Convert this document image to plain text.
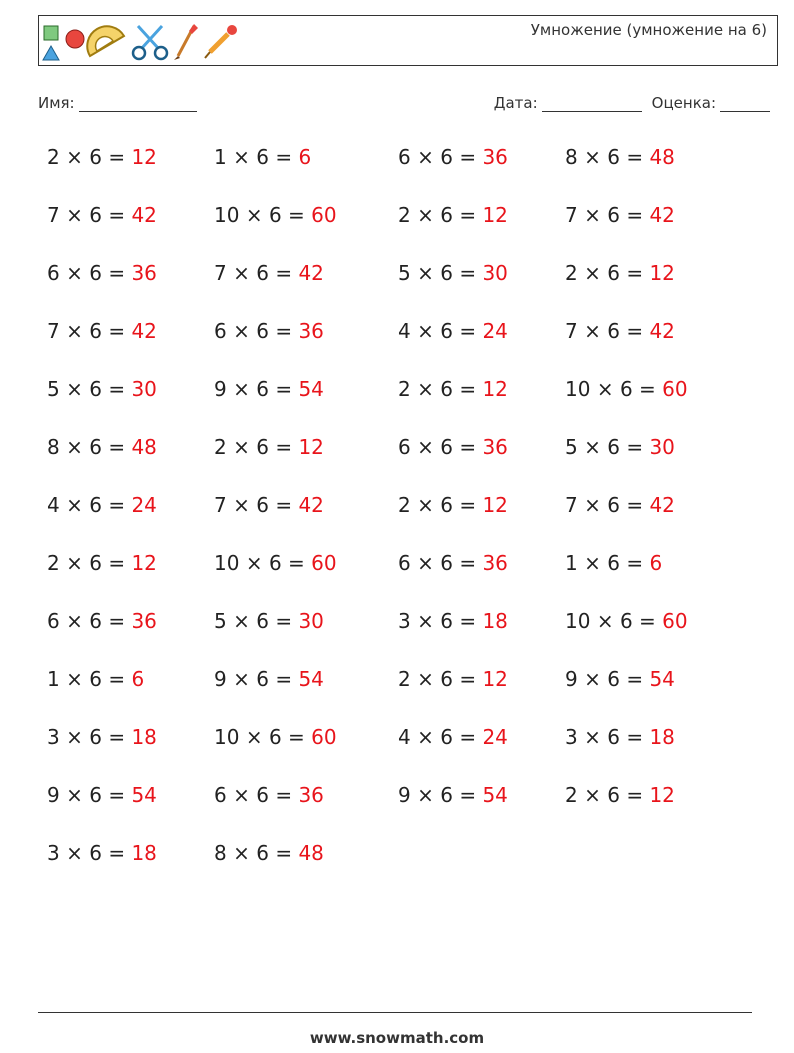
Умножение (умножение на 6)
Имя:	Дата:	Оценка:
2 × 6 = 12
7 × 6 = 42
6 × 6 = 36
7 × 6 = 42
5 × 6 = 30
8 × 6 = 48
4 × 6 = 24
2 × 6 = 12
6 × 6 = 36
1 × 6 = 6
3 × 6 = 18
9 × 6 = 54
3 × 6 = 18
1 × 6 = 6
10 × 6 = 60
7 × 6 = 42
6 × 6 = 36
9 × 6 = 54
2 × 6 = 12
7 × 6 = 42
10 × 6 = 60
5 × 6 = 30
9 × 6 = 54
10 × 6 = 60
6 × 6 = 36
8 × 6 = 48
6 × 6 = 36
2 × 6 = 12
5 × 6 = 30
4 × 6 = 24
2 × 6 = 12
6 × 6 = 36
2 × 6 = 12
6 × 6 = 36
3 × 6 = 18
2 × 6 = 12
4 × 6 = 24
9 × 6 = 54
8 × 6 = 48
7 × 6 = 42
2 × 6 = 12
7 × 6 = 42
10 × 6 = 60
5 × 6 = 30
7 × 6 = 42
1 × 6 = 6
10 × 6 = 60
9 × 6 = 54
3 × 6 = 18
2 × 6 = 12
www.snowmath.com
